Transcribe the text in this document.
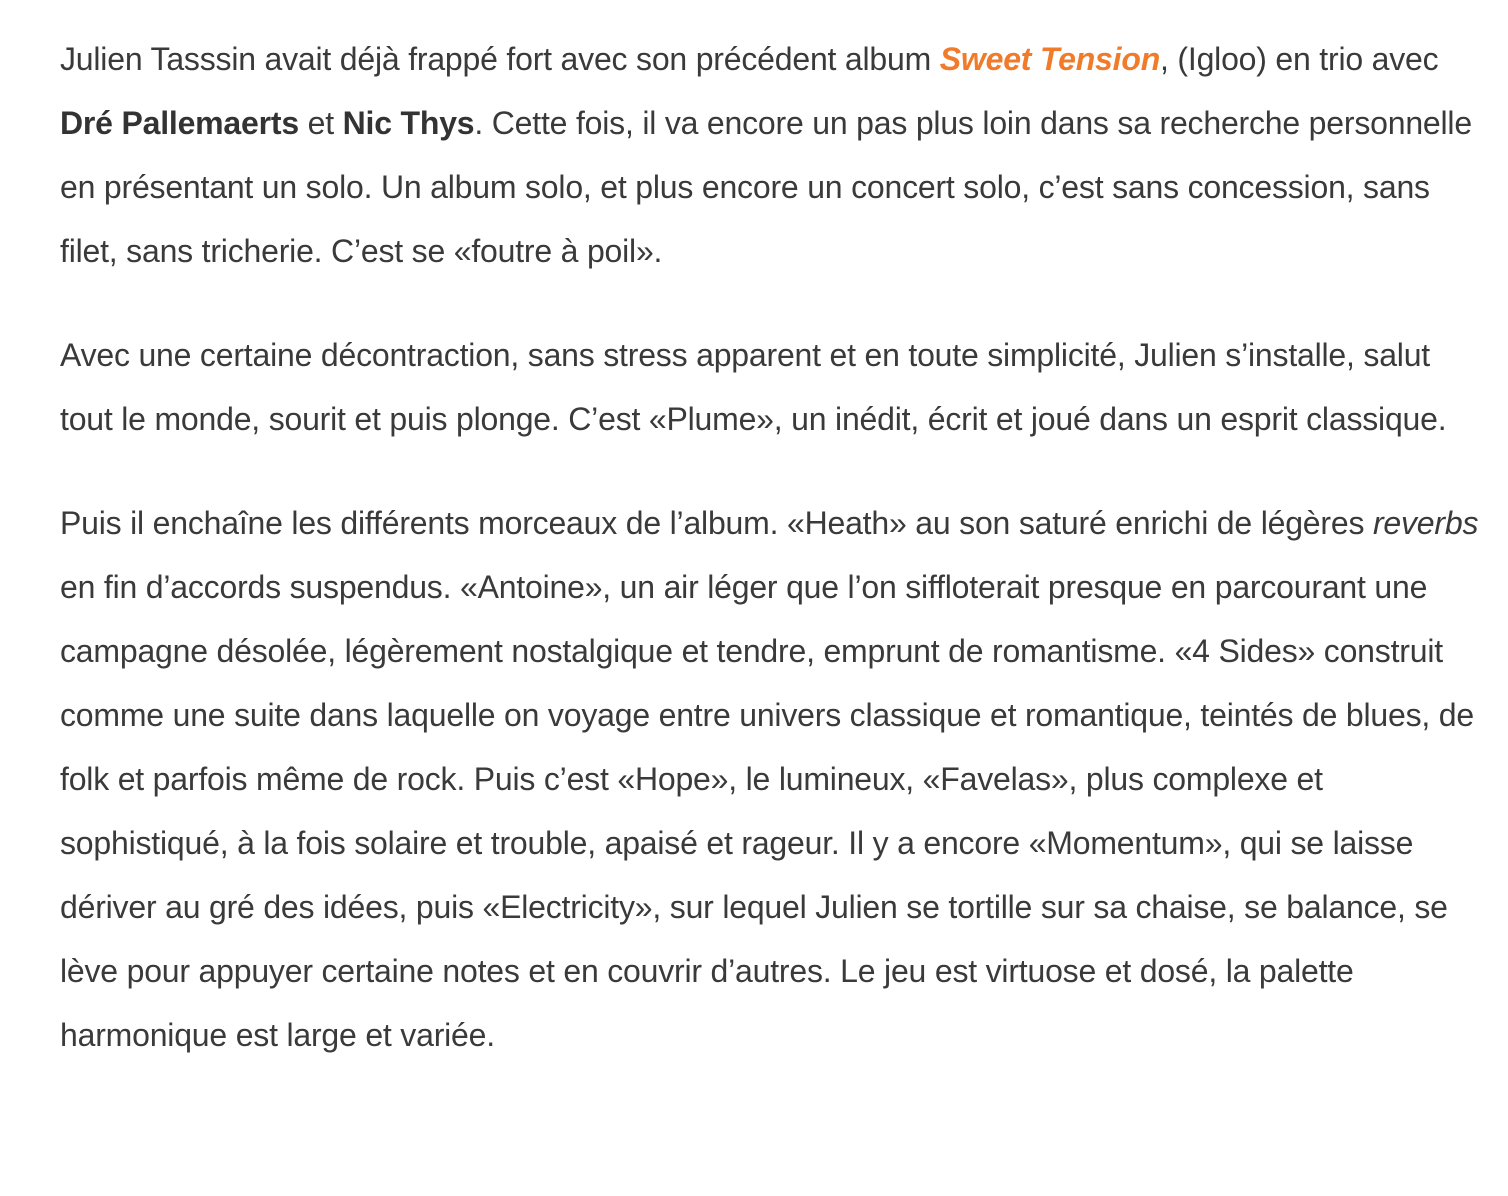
Julien Tasssin avait déjà frappé fort avec son précédent album Sweet Tension, (Igloo) en trio avec Dré Pallemaerts et Nic Thys. Cette fois, il va encore un pas plus loin dans sa recherche personnelle en présentant un solo. Un album solo, et plus encore un concert solo, c’est sans concession, sans filet, sans tricherie. C’est se «foutre à poil».

Avec une certaine décontraction, sans stress apparent et en toute simplicité, Julien s’installe, salut tout le monde, sourit et puis plonge. C’est «Plume», un inédit, écrit et joué dans un esprit classique.

Puis il enchaîne les différents morceaux de l’album. «Heath» au son saturé enrichi de légères reverbs en fin d’accords suspendus. «Antoine», un air léger que l’on siffloterait presque en parcourant une campagne désolée, légèrement nostalgique et tendre, emprunt de romantisme. «4 Sides» construit comme une suite dans laquelle on voyage entre univers classique et romantique, teintés de blues, de folk et parfois même de rock. Puis c’est «Hope», le lumineux, «Favelas», plus complexe et sophistiqué, à la fois solaire et trouble, apaisé et rageur. Il y a encore «Momentum», qui se laisse dériver au gré des idées, puis «Electricity», sur lequel Julien se tortille sur sa chaise, se balance, se lève pour appuyer certaine notes et en couvrir d’autres. Le jeu est virtuose et dosé, la palette harmonique est large et variée.
